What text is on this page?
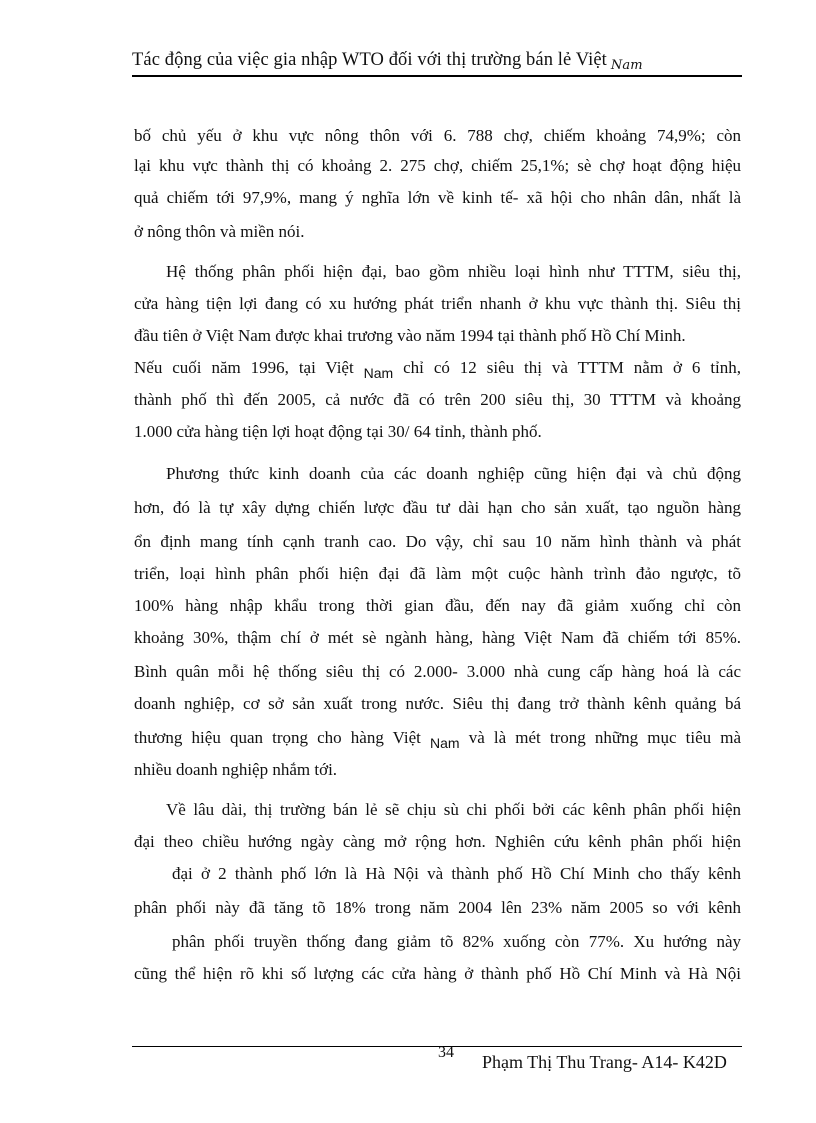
Tác động của việc gia nhập WTO đối với thị trường bán lẻ Việt $_{Nam}$
bố chủ yếu ở khu vực nông thôn với 6. 788 chợ, chiếm khoảng 74,9%; còn
lại khu vực thành thị có khoảng 2. 275 chợ, chiếm 25,1%; sè chợ hoạt động hiệu
quả chiếm tới 97,9%, mang ý nghĩa lớn về kinh tế- xã hội cho nhân dân, nhất là
ở nông thôn và miền nói.
Hệ thống phân phối hiện đại, bao gồm nhiều loại hình như TTTM, siêu thị,
cửa hàng tiện lợi đang có xu hướng phát triển nhanh ở khu vực thành thị. Siêu thị
đầu tiên ở Việt Nam được khai trương vào năm 1994 tại thành phố Hồ Chí Minh.
Nếu cuối năm 1996, tại Việt $_{Nam}$ chỉ có 12 siêu thị và TTTM nằm ở 6 tỉnh,
thành phố thì đến 2005, cả nước đã có trên 200 siêu thị, 30 TTTM và khoảng
1.000 cửa hàng tiện lợi hoạt động tại 30/ 64 tỉnh, thành phố.
Phương thức kinh doanh của các doanh nghiệp cũng hiện đại và chủ động
hơn, đó là tự xây dựng chiến lược đầu tư dài hạn cho sản xuất, tạo nguồn hàng
ổn định mang tính cạnh tranh cao. Do vậy, chỉ sau 10 năm hình thành và phát
triển, loại hình phân phối hiện đại đã làm một cuộc hành trình đảo ngược, tõ
100% hàng nhập khẩu trong thời gian đầu, đến nay đã giảm xuống chỉ còn
khoảng 30%, thậm chí ở mét sè ngành hàng, hàng Việt Nam đã chiếm tới 85%.
Bình quân mỗi hệ thống siêu thị có 2.000- 3.000 nhà cung cấp hàng hoá là các
doanh nghiệp, cơ sở sản xuất trong nước. Siêu thị đang trở thành kênh quảng bá
thương hiệu quan trọng cho hàng Việt $_{Nam}$ và là mét trong những mục tiêu mà
nhiều doanh nghiệp nhắm tới.
Về lâu dài, thị trường bán lẻ sẽ chịu sù chi phối bởi các kênh phân phối hiện
đại theo chiều hướng ngày càng mở rộng hơn. Nghiên cứu kênh phân phối hiện
đại ở 2 thành phố lớn là Hà Nội và thành phố Hồ Chí Minh cho thấy kênh
phân phối này đã tăng tõ 18% trong năm 2004 lên 23% năm 2005 so với kênh
phân phối truyền thống đang giảm tõ 82% xuống còn 77%. Xu hướng này
cũng thể hiện rõ khi số lượng các cửa hàng ở thành phố Hồ Chí Minh và Hà Nội
34 Phạm Thị Thu Trang- A14- K42D
